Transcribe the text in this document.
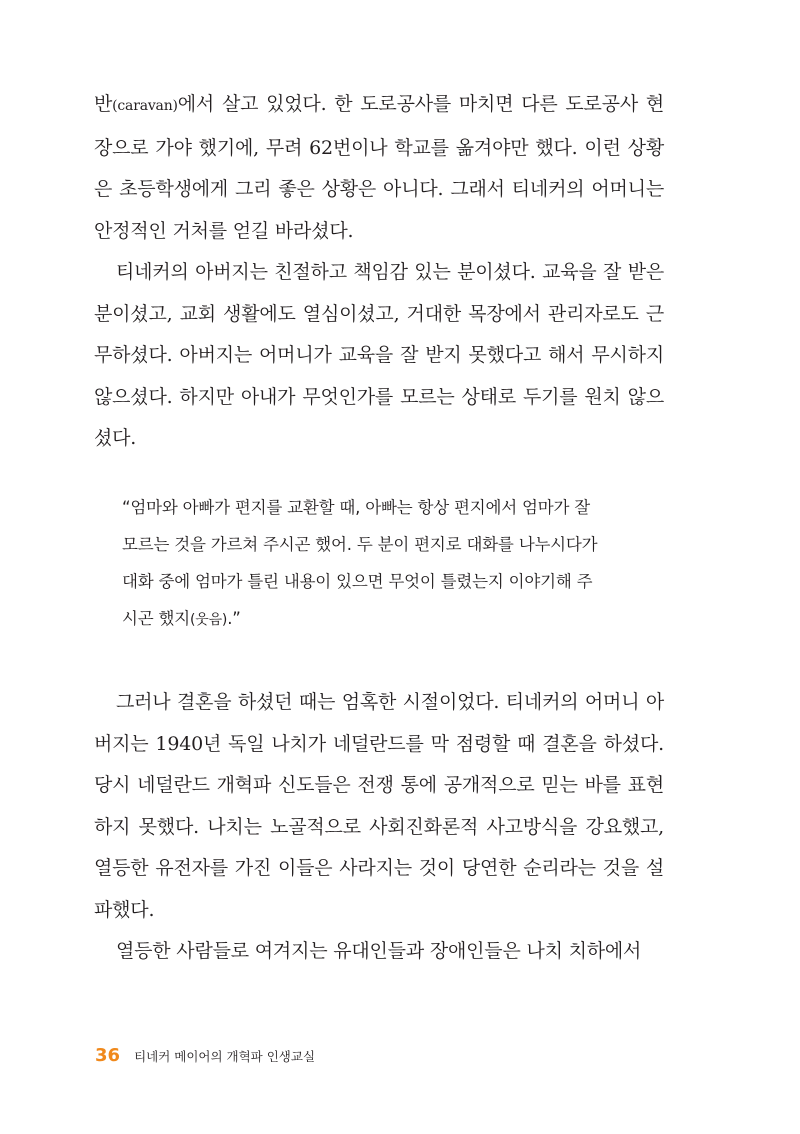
반(caravan)에서 살고 있었다. 한 도로공사를 마치면 다른 도로공사 현장으로 가야 했기에, 무려 62번이나 학교를 옮겨야만 했다. 이런 상황은 초등학생에게 그리 좋은 상황은 아니다. 그래서 티네커의 어머니는 안정적인 거처를 얻길 바라셨다.

티네커의 아버지는 친절하고 책임감 있는 분이셨다. 교육을 잘 받은 분이셨고, 교회 생활에도 열심이셨고, 거대한 목장에서 관리자로도 근무하셨다. 아버지는 어머니가 교육을 잘 받지 못했다고 해서 무시하지 않으셨다. 하지만 아내가 무엇인가를 모르는 상태로 두기를 원치 않으셨다.

“엄마와 아빠가 편지를 교환할 때, 아빠는 항상 편지에서 엄마가 잘

모르는 것을 가르쳐 주시곤 했어. 두 분이 편지로 대화를 나누시다가

대화 중에 엄마가 틀린 내용이 있으면 무엇이 틀렸는지 이야기해 주

시곤 했지(웃음).”

그러나 결혼을 하셨던 때는 엄혹한 시절이었다. 티네커의 어머니 아버지는 1940년 독일 나치가 네덜란드를 막 점령할 때 결혼을 하셨다. 당시 네덜란드 개혁파 신도들은 전쟁 통에 공개적으로 믿는 바를 표현하지 못했다. 나치는 노골적으로 사회진화론적 사고방식을 강요했고, 열등한 유전자를 가진 이들은 사라지는 것이 당연한 순리라는 것을 설파했다.

열등한 사람들로 여겨지는 유대인들과 장애인들은 나치 치하에서

36 티네커 메이어의 개혁파 인생교실
